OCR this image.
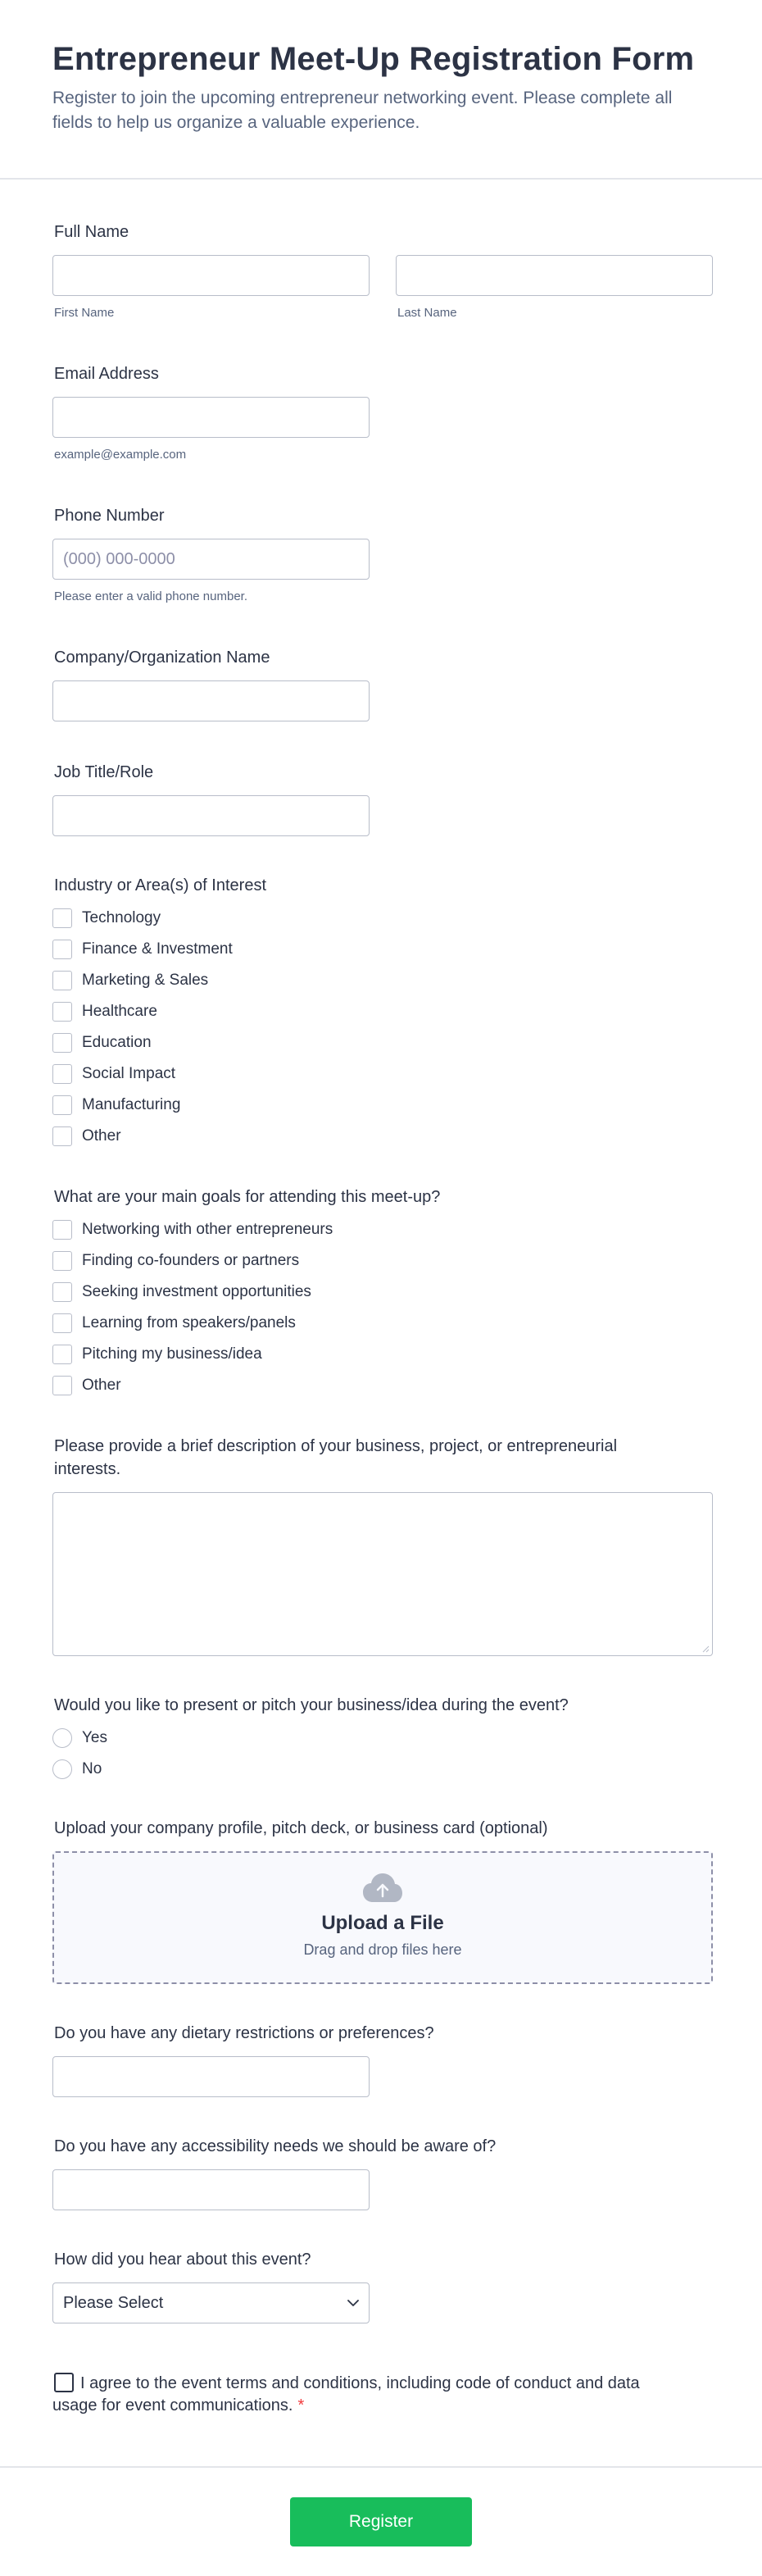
Entrepreneur Meet-Up Registration Form

Register to join the upcoming entrepreneur networking event. Please complete all fields to help us organize a valuable experience.

Full Name
First Name	Last Name
Email Address
example@example.com
Phone Number
(000) 000-0000
Please enter a valid phone number.
Company/Organization Name
Job Title/Role
Industry or Area(s) of Interest
Technology
Finance & Investment
Marketing & Sales
Healthcare
Education
Social Impact
Manufacturing
Other
What are your main goals for attending this meet-up?
Networking with other entrepreneurs
Finding co-founders or partners
Seeking investment opportunities
Learning from speakers/panels
Pitching my business/idea
Other
Please provide a brief description of your business, project, or entrepreneurial interests.
Would you like to present or pitch your business/idea during the event?
Yes
No
Upload your company profile, pitch deck, or business card (optional)
Upload a File
Drag and drop files here
Do you have any dietary restrictions or preferences?
Do you have any accessibility needs we should be aware of?
How did you hear about this event?
Please Select
I agree to the event terms and conditions, including code of conduct and data usage for event communications. *
Register
